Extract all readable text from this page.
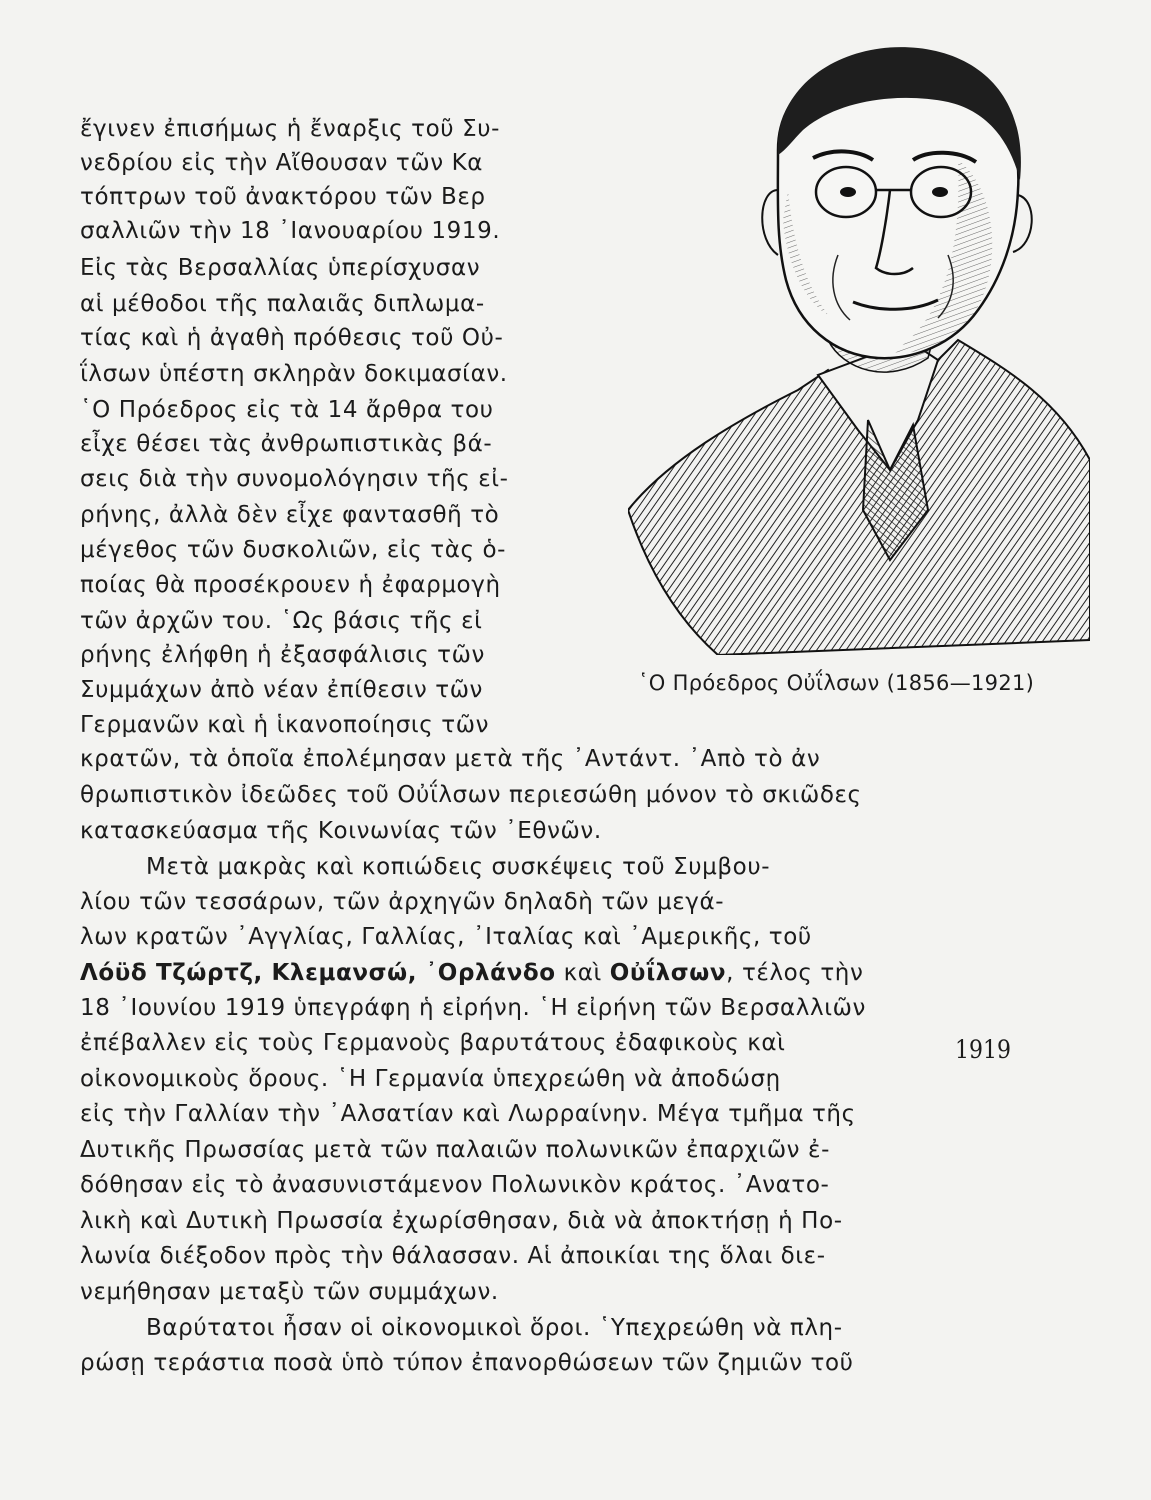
ἔγινεν ἐπισήμως ἡ ἔναρξις τοῦ Συ-
νεδρίου εἰς τὴν Αἴθουσαν τῶν Κα
τόπτρων τοῦ ἀνακτόρου τῶν Βερ
σαλλιῶν τὴν 18 ᾿Ιανουαρίου 1919.
Εἰς τὰς Βερσαλλίας ὑπερίσχυσαν
αἱ μέθοδοι τῆς παλαιᾶς διπλωμα-
τίας καὶ ἡ ἀγαθὴ πρόθεσις τοῦ Οὐ-
ΐλσων ὑπέστη σκληρὰν δοκιμασίαν.
῾Ο Πρόεδρος εἰς τὰ 14 ἄρθρα του
εἶχε θέσει τὰς ἀνθρωπιστικὰς βά-
σεις διὰ τὴν συνομολόγησιν τῆς εἰ-
ρήνης, ἀλλὰ δὲν εἶχε φαντασθῆ τὸ
μέγεθος τῶν δυσκολιῶν, εἰς τὰς ὁ-
ποίας θὰ προσέκρουεν ἡ ἐφαρμογὴ
τῶν ἀρχῶν του. ῾Ως βάσις τῆς εἰ
ρήνης ἐλήφθη ἡ ἐξασφάλισις τῶν
Συμμάχων ἀπὸ νέαν ἐπίθεσιν τῶν
Γερμανῶν καὶ ἡ ἱκανοποίησις τῶν
῾Ο Πρόεδρος Οὐΐλσων (1856—1921)
κρατῶν, τὰ ὁποῖα ἐπολέμησαν μετὰ τῆς ᾿Αντάντ. ᾿Απὸ τὸ ἀν
θρωπιστικὸν ἰδεῶδες τοῦ Οὐΐλσων περιεσώθη μόνον τὸ σκιῶδες
κατασκεύασμα τῆς Κοινωνίας τῶν ᾿Εθνῶν.
Μετὰ μακρὰς καὶ κοπιώδεις συσκέψεις τοῦ Συμβου-
λίου τῶν τεσσάρων, τῶν ἀρχηγῶν δηλαδὴ τῶν μεγά-
λων κρατῶν ᾿Αγγλίας, Γαλλίας, ᾿Ιταλίας καὶ ᾿Αμερικῆς, τοῦ
Λόϋδ Τζώρτζ, Κλεμανσώ, ᾿Ορλάνδο καὶ Οὐΐλσων, τέλος τὴν
18 ᾿Ιουνίου 1919 ὑπεγράφη ἡ εἰρήνη. ῾Η εἰρήνη τῶν Βερσαλλιῶν
ἐπέβαλλεν εἰς τοὺς Γερμανοὺς βαρυτάτους ἐδαφικοὺς καὶ
οἰκονομικοὺς ὅρους. ῾Η Γερμανία ὑπεχρεώθη νὰ ἀποδώσῃ
εἰς τὴν Γαλλίαν τὴν ᾿Αλσατίαν καὶ Λωρραίνην. Μέγα τμῆμα τῆς
Δυτικῆς Πρωσσίας μετὰ τῶν παλαιῶν πολωνικῶν ἐπαρχιῶν ἐ-
δόθησαν εἰς τὸ ἀνασυνιστάμενον Πολωνικὸν κράτος. ᾿Ανατο-
λικὴ καὶ Δυτικὴ Πρωσσία ἐχωρίσθησαν, διὰ νὰ ἀποκτήσῃ ἡ Πο-
λωνία διέξοδον πρὸς τὴν θάλασσαν. Αἱ ἀποικίαι της ὅλαι διε-
νεμήθησαν μεταξὺ τῶν συμμάχων.
1919
Βαρύτατοι ἦσαν οἱ οἰκονομικοὶ ὅροι. ῾Υπεχρεώθη νὰ πλη-
ρώσῃ τεράστια ποσὰ ὑπὸ τύπον ἐπανορθώσεων τῶν ζημιῶν τοῦ
